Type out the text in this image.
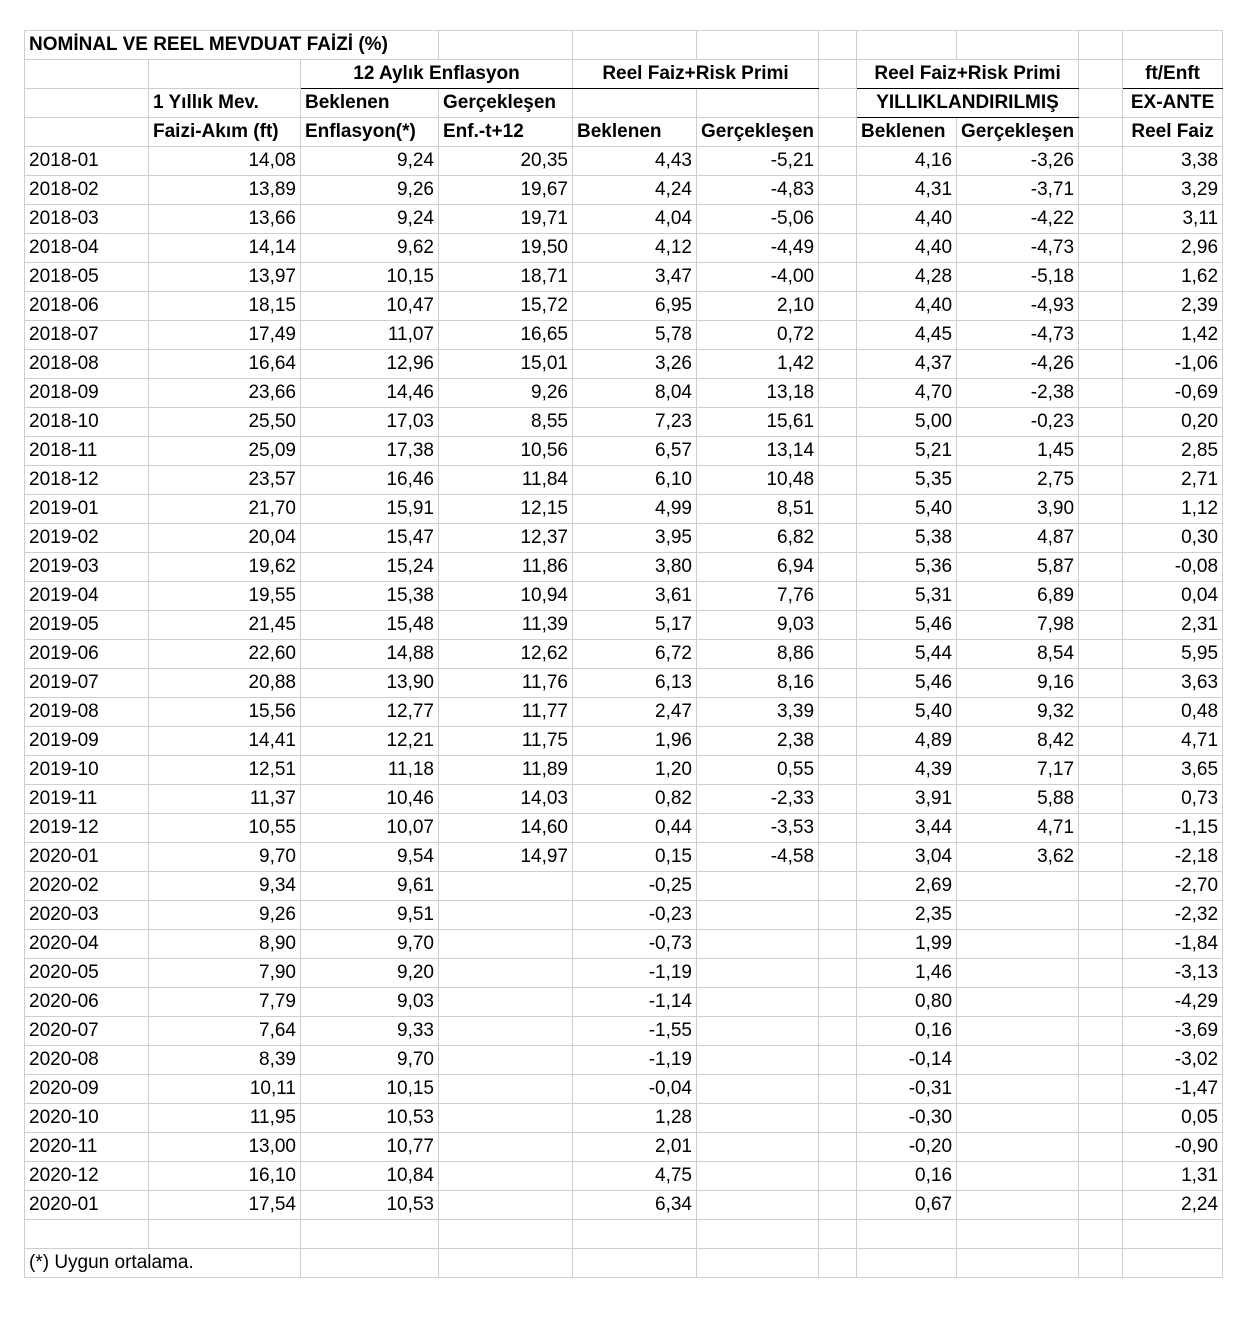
NOMİNAL VE REEL MEVDUAT FAİZİ (%)										
		12 Aylık Enflasyon		Reel Faiz+Risk Primi			Reel Faiz+Risk Primi			ft/Enft
	1 Yıllık Mev.	Beklenen	Gerçekleşen				YILLIKLANDIRILMIŞ			EX-ANTE
	Faizi-Akım (ft)	Enflasyon(*)	Enf.-t+12	Beklenen	Gerçekleşen		Beklenen	Gerçekleşen		Reel Faiz
2018-01	14,08	9,24	20,35	4,43	-5,21		4,16	-3,26		3,38
2018-02	13,89	9,26	19,67	4,24	-4,83		4,31	-3,71		3,29
2018-03	13,66	9,24	19,71	4,04	-5,06		4,40	-4,22		3,11
2018-04	14,14	9,62	19,50	4,12	-4,49		4,40	-4,73		2,96
2018-05	13,97	10,15	18,71	3,47	-4,00		4,28	-5,18		1,62
2018-06	18,15	10,47	15,72	6,95	2,10		4,40	-4,93		2,39
2018-07	17,49	11,07	16,65	5,78	0,72		4,45	-4,73		1,42
2018-08	16,64	12,96	15,01	3,26	1,42		4,37	-4,26		-1,06
2018-09	23,66	14,46	9,26	8,04	13,18		4,70	-2,38		-0,69
2018-10	25,50	17,03	8,55	7,23	15,61		5,00	-0,23		0,20
2018-11	25,09	17,38	10,56	6,57	13,14		5,21	1,45		2,85
2018-12	23,57	16,46	11,84	6,10	10,48		5,35	2,75		2,71
2019-01	21,70	15,91	12,15	4,99	8,51		5,40	3,90		1,12
2019-02	20,04	15,47	12,37	3,95	6,82		5,38	4,87		0,30
2019-03	19,62	15,24	11,86	3,80	6,94		5,36	5,87		-0,08
2019-04	19,55	15,38	10,94	3,61	7,76		5,31	6,89		0,04
2019-05	21,45	15,48	11,39	5,17	9,03		5,46	7,98		2,31
2019-06	22,60	14,88	12,62	6,72	8,86		5,44	8,54		5,95
2019-07	20,88	13,90	11,76	6,13	8,16		5,46	9,16		3,63
2019-08	15,56	12,77	11,77	2,47	3,39		5,40	9,32		0,48
2019-09	14,41	12,21	11,75	1,96	2,38		4,89	8,42		4,71
2019-10	12,51	11,18	11,89	1,20	0,55		4,39	7,17		3,65
2019-11	11,37	10,46	14,03	0,82	-2,33		3,91	5,88		0,73
2019-12	10,55	10,07	14,60	0,44	-3,53		3,44	4,71		-1,15
2020-01	9,70	9,54	14,97	0,15	-4,58		3,04	3,62		-2,18
2020-02	9,34	9,61		-0,25			2,69			-2,70
2020-03	9,26	9,51		-0,23			2,35			-2,32
2020-04	8,90	9,70		-0,73			1,99			-1,84
2020-05	7,90	9,20		-1,19			1,46			-3,13
2020-06	7,79	9,03		-1,14			0,80			-4,29
2020-07	7,64	9,33		-1,55			0,16			-3,69
2020-08	8,39	9,70		-1,19			-0,14			-3,02
2020-09	10,11	10,15		-0,04			-0,31			-1,47
2020-10	11,95	10,53		1,28			-0,30			0,05
2020-11	13,00	10,77		2,01			-0,20			-0,90
2020-12	16,10	10,84		4,75			0,16			1,31
2020-01	17,54	10,53		6,34			0,67			2,24

(*) Uygun ortalama.										
